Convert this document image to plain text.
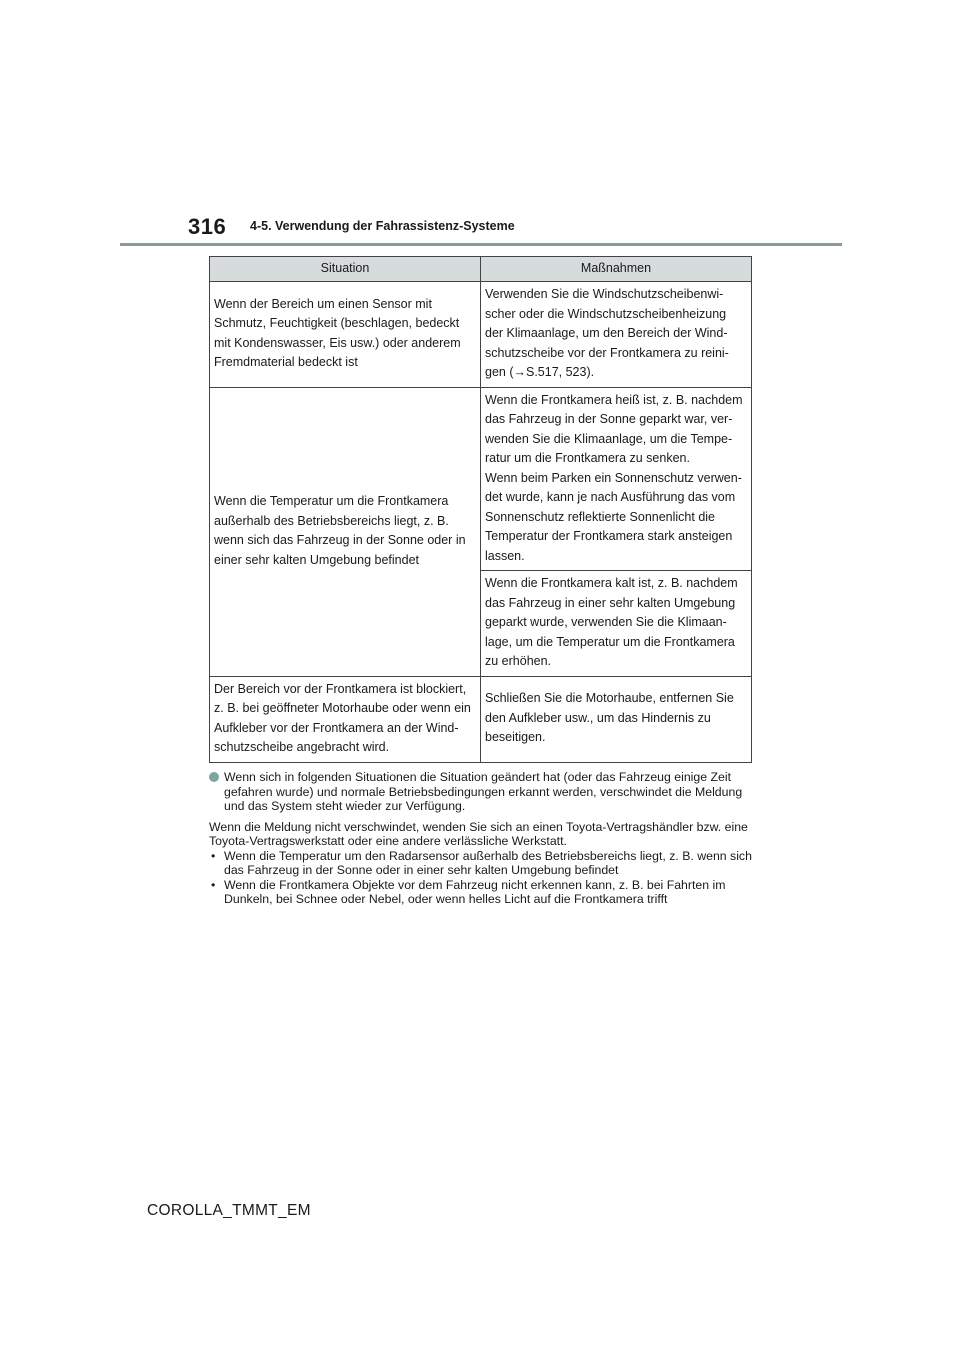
316 4-5. Verwendung der Fahrassistenz-Systeme
Situation	Maßnahmen

Wenn der Bereich um einen Sensor mit Schmutz, Feuchtigkeit (beschlagen, bedeckt mit Kondenswasser, Eis usw.) oder anderem Fremdmaterial bedeckt ist	Verwenden Sie die Windschutzscheibenwi-scher oder die Windschutzscheibenheizung der Klimaanlage, um den Bereich der Wind-schutzscheibe vor der Frontkamera zu reini-gen (→S.517, 523).

Wenn die Temperatur um die Frontkamera außerhalb des Betriebsbereichs liegt, z. B. wenn sich das Fahrzeug in der Sonne oder in einer sehr kalten Umgebung befindet	Wenn die Frontkamera heiß ist, z. B. nachdem das Fahrzeug in der Sonne geparkt war, ver-wenden Sie die Klimaanlage, um die Tempe-ratur um die Frontkamera zu senken.

Wenn beim Parken ein Sonnenschutz verwen-det wurde, kann je nach Ausführung das vom Sonnenschutz reflektierte Sonnenlicht die Temperatur der Frontkamera stark ansteigen lassen.

Wenn die Frontkamera kalt ist, z. B. nachdem das Fahrzeug in einer sehr kalten Umgebung geparkt wurde, verwenden Sie die Klimaan-lage, um die Temperatur um die Frontkamera zu erhöhen.

Der Bereich vor der Frontkamera ist blockiert, z. B. bei geöffneter Motorhaube oder wenn ein Aufkleber vor der Frontkamera an der Wind-schutzscheibe angebracht wird.	Schließen Sie die Motorhaube, entfernen Sie den Aufkleber usw., um das Hindernis zu beseitigen.

Wenn sich in folgenden Situationen die Situation geändert hat (oder das Fahrzeug einige Zeit gefahren wurde) und normale Betriebsbedingungen erkannt werden, verschwindet die Meldung und das System steht wieder zur Verfügung.

Wenn die Meldung nicht verschwindet, wenden Sie sich an einen Toyota-Vertragshändler bzw. eine Toyota-Vertragswerkstatt oder eine andere verlässliche Werkstatt.

• Wenn die Temperatur um den Radarsensor außerhalb des Betriebsbereichs liegt, z. B. wenn sich das Fahrzeug in der Sonne oder in einer sehr kalten Umgebung befindet
• Wenn die Frontkamera Objekte vor dem Fahrzeug nicht erkennen kann, z. B. bei Fahrten im Dunkeln, bei Schnee oder Nebel, oder wenn helles Licht auf die Frontkamera trifft
COROLLA_TMMT_EM
